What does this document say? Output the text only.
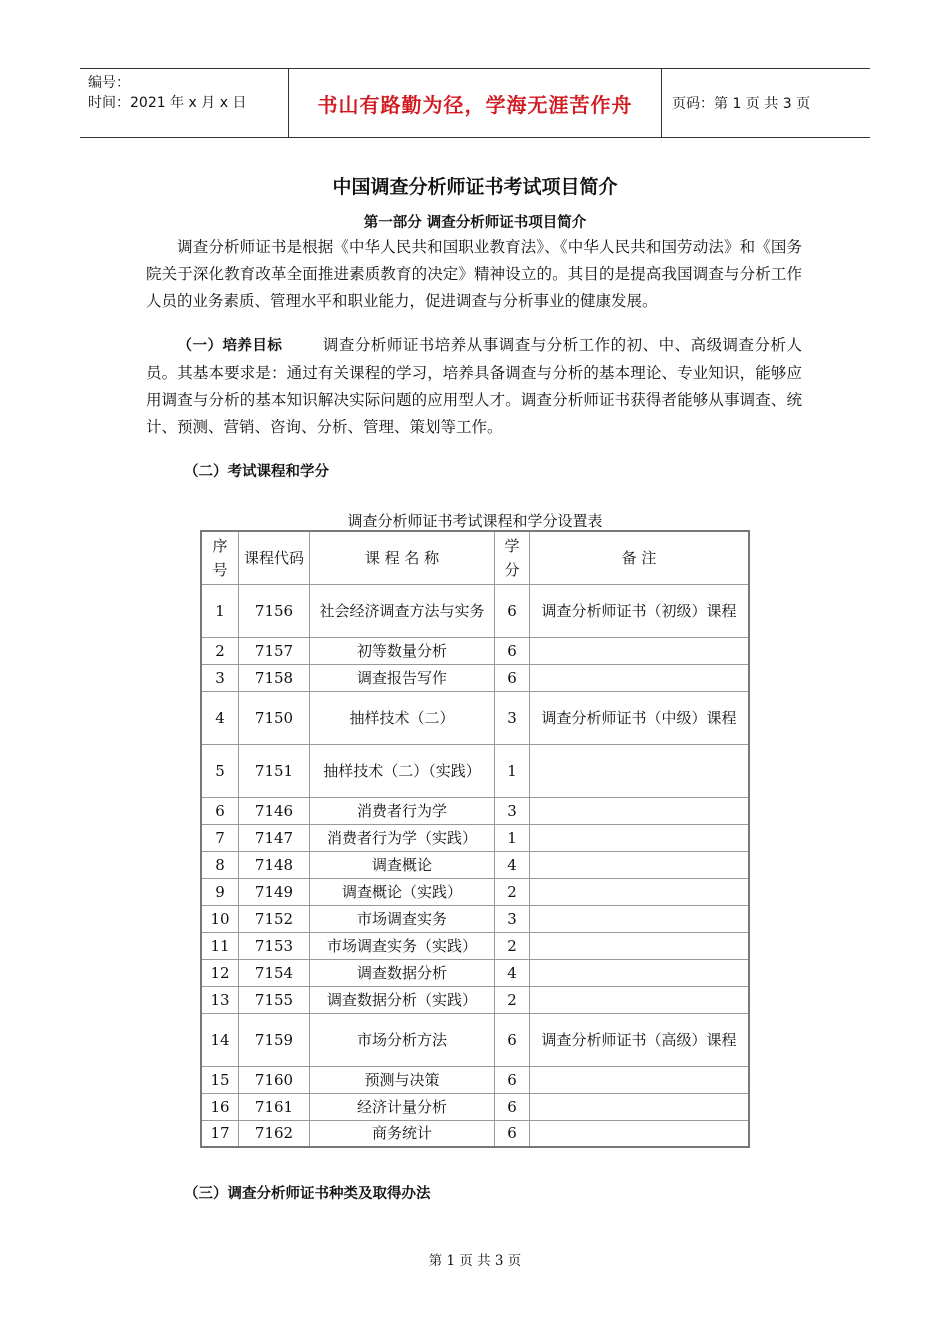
编号：
时间：2021 年 x 月 x 日	书山有路勤为径，学海无涯苦作舟	页码：第 1 页 共 3 页
中国调查分析师证书考试项目简介
第一部分 调查分析师证书项目简介
调查分析师证书是根据《中华人民共和国职业教育法》、《中华人民共和国劳动法》和《国务院关于深化教育改革全面推进素质教育的决定》精神设立的。其目的是提高我国调查与分析工作人员的业务素质、管理水平和职业能力，促进调查与分析事业的健康发展。
（一）培养目标	调查分析师证书培养从事调查与分析工作的初、中、高级调查分析人员。其基本要求是：通过有关课程的学习，培养具备调查与分析的基本理论、专业知识，能够应用调查与分析的基本知识解决实际问题的应用型人才。调查分析师证书获得者能够从事调查、统计、预测、营销、咨询、分析、管理、策划等工作。
（二）考试课程和学分
调查分析师证书考试课程和学分设置表
序号	课程代码	课 程 名 称	学分	备 注
1	7156	社会经济调查方法与实务	6	调查分析师证书（初级）课程
2	7157	初等数量分析	6	
3	7158	调查报告写作	6	
4	7150	抽样技术（二）	3	调查分析师证书（中级）课程
5	7151	抽样技术（二）（实践）	1	
6	7146	消费者行为学	3	
7	7147	消费者行为学（实践）	1	
8	7148	调查概论	4	
9	7149	调查概论（实践）	2	
10	7152	市场调查实务	3	
11	7153	市场调查实务（实践）	2	
12	7154	调查数据分析	4	
13	7155	调查数据分析（实践）	2	
14	7159	市场分析方法	6	调查分析师证书（高级）课程
15	7160	预测与决策	6	
16	7161	经济计量分析	6	
17	7162	商务统计	6	
（三）调查分析师证书种类及取得办法
第 1 页 共 3 页
